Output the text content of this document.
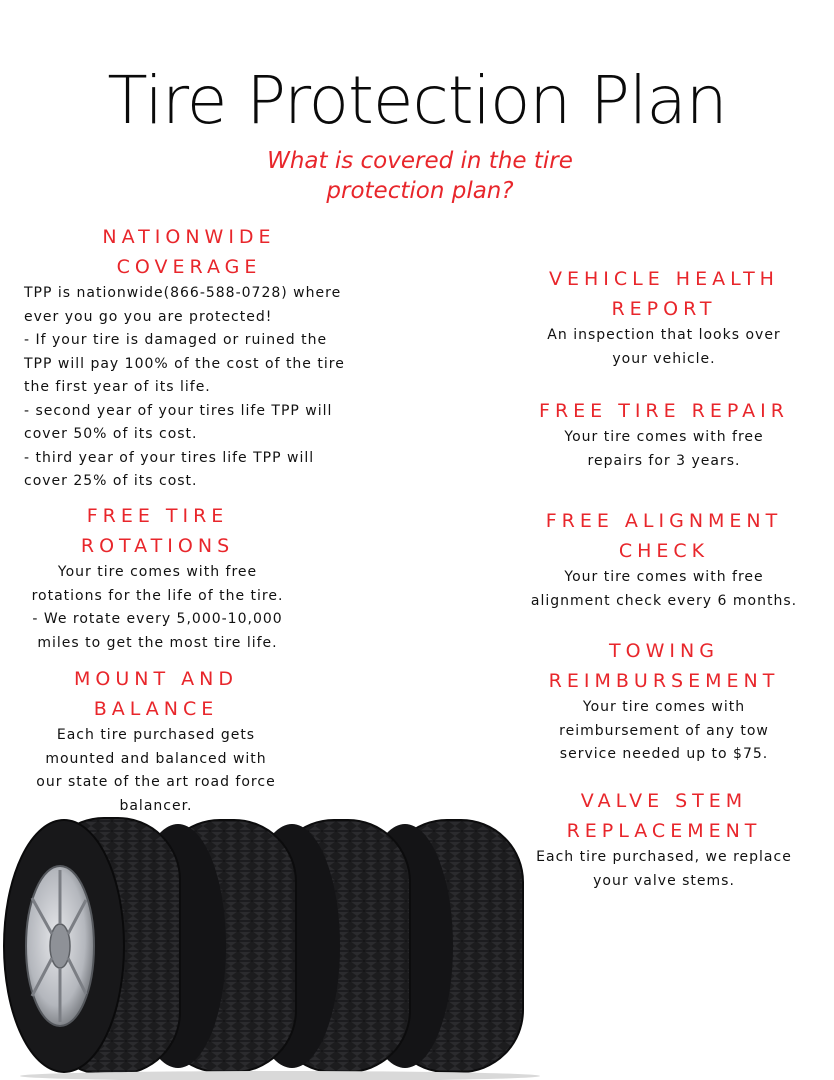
Tire Protection Plan

What is covered in the tire protection plan?

NATIONWIDE COVERAGE

TPP is nationwide(866-588-0728) where ever you go you are protected!
- If your tire is damaged or ruined the TPP will pay 100% of the cost of the tire the first year of its life.
- second year of your tires life TPP will cover 50% of its cost.
- third year of your tires life TPP will cover 25% of its cost.

FREE TIRE ROTATIONS

Your tire comes with free rotations for the life of the tire.
- We rotate every 5,000-10,000 miles to get the most tire life.

MOUNT AND BALANCE

Each tire purchased gets mounted and balanced with our state of the art road force balancer.

VEHICLE HEALTH REPORT

An inspection that looks over your vehicle.

FREE TIRE REPAIR

Your tire comes with free repairs for 3 years.

FREE ALIGNMENT CHECK

Your tire comes with free alignment check every 6 months.

TOWING REIMBURSEMENT

Your tire comes with reimbursement of any tow service needed up to $75.

VALVE STEM REPLACEMENT

Each tire purchased, we replace your valve stems.
